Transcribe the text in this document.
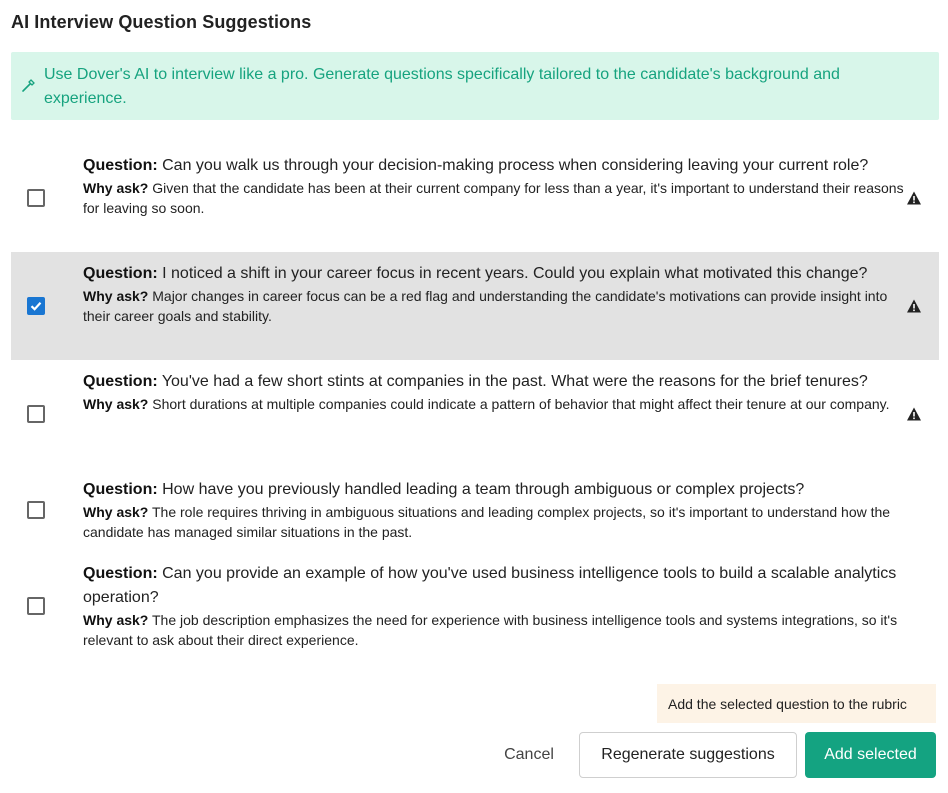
AI Interview Question Suggestions
Use Dover's AI to interview like a pro. Generate questions specifically tailored to the candidate's background and experience.
Question: Can you walk us through your decision-making process when considering leaving your current role?
Why ask? Given that the candidate has been at their current company for less than a year, it's important to understand their reasons for leaving so soon.
Question: I noticed a shift in your career focus in recent years. Could you explain what motivated this change?
Why ask? Major changes in career focus can be a red flag and understanding the candidate's motivations can provide insight into their career goals and stability.
Question: You've had a few short stints at companies in the past. What were the reasons for the brief tenures?
Why ask? Short durations at multiple companies could indicate a pattern of behavior that might affect their tenure at our company.
Question: How have you previously handled leading a team through ambiguous or complex projects?
Why ask? The role requires thriving in ambiguous situations and leading complex projects, so it's important to understand how the candidate has managed similar situations in the past.
Question: Can you provide an example of how you've used business intelligence tools to build a scalable analytics operation?
Why ask? The job description emphasizes the need for experience with business intelligence tools and systems integrations, so it's relevant to ask about their direct experience.
Add the selected question to the rubric
Cancel	Regenerate suggestions	Add selected
